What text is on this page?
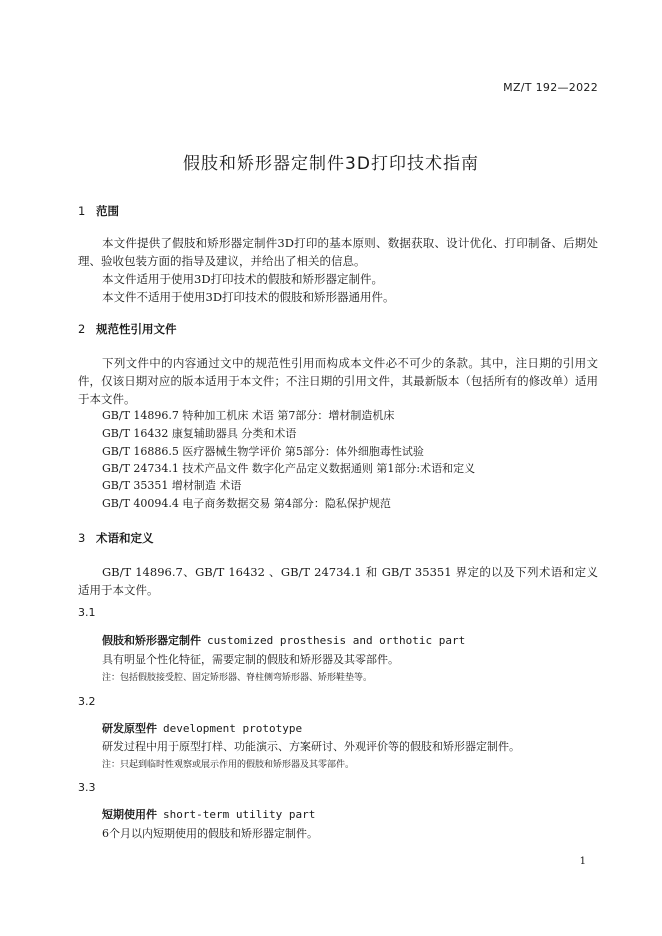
MZ/T 192—2022
假肢和矫形器定制件3D打印技术指南
1 范围

本文件提供了假肢和矫形器定制件3D打印的基本原则、数据获取、设计优化、打印制备、后期处理、验收包装方面的指导及建议，并给出了相关的信息。

本文件适用于使用3D打印技术的假肢和矫形器定制件。

本文件不适用于使用3D打印技术的假肢和矫形器通用件。

2 规范性引用文件

下列文件中的内容通过文中的规范性引用而构成本文件必不可少的条款。其中，注日期的引用文件，仅该日期对应的版本适用于本文件；不注日期的引用文件，其最新版本（包括所有的修改单）适用于本文件。

GB/T 14896.7 特种加工机床 术语 第7部分：增材制造机床
GB/T 16432 康复辅助器具 分类和术语
GB/T 16886.5 医疗器械生物学评价 第5部分：体外细胞毒性试验
GB/T 24734.1 技术产品文件 数字化产品定义数据通则 第1部分:术语和定义
GB/T 35351 增材制造 术语
GB/T 40094.4 电子商务数据交易 第4部分：隐私保护规范
3 术语和定义

GB/T 14896.7、GB/T 16432 、GB/T 24734.1 和 GB/T 35351 界定的以及下列术语和定义适用于本文件。

3.1
假肢和矫形器定制件 customized prosthesis and orthotic part
具有明显个性化特征，需要定制的假肢和矫形器及其零部件。
注：包括假肢接受腔、固定矫形器、脊柱侧弯矫形器、矫形鞋垫等。
3.2
研发原型件 development prototype
研发过程中用于原型打样、功能演示、方案研讨、外观评价等的假肢和矫形器定制件。
注：只起到临时性观察或展示作用的假肢和矫形器及其零部件。
3.3
短期使用件 short-term utility part
6个月以内短期使用的假肢和矫形器定制件。
1
